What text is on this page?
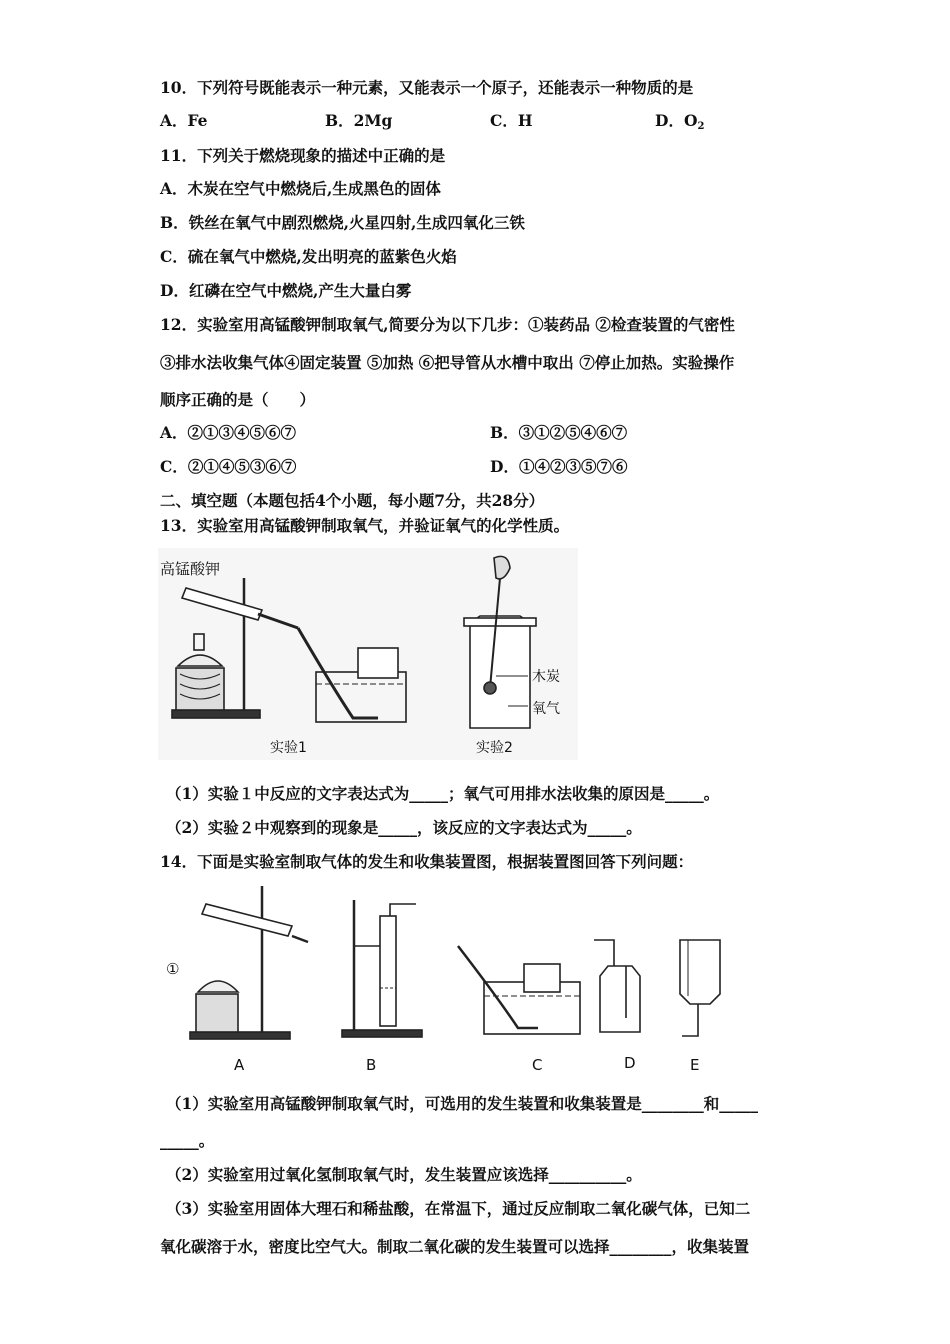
10．下列符号既能表示一种元素，又能表示一个原子，还能表示一种物质的是
A．Fe	B．2Mg	C．H	D．$O_2$
11．下列关于燃烧现象的描述中正确的是
A．木炭在空气中燃烧后,生成黑色的固体
B．铁丝在氧气中剧烈燃烧,火星四射,生成四氧化三铁
C．硫在氧气中燃烧,发出明亮的蓝紫色火焰
D．红磷在空气中燃烧,产生大量白雾
12．实验室用高锰酸钾制取氧气,简要分为以下几步：①装药品 ②检查装置的气密性
③排水法收集气体④固定装置 ⑤加热 ⑥把导管从水槽中取出 ⑦停止加热。实验操作
顺序正确的是（　　）
A．②①③④⑤⑥⑦	B．③①②⑤④⑥⑦
C．②①④⑤③⑥⑦	D．①④②③⑤⑦⑥
二、填空题（本题包括4个小题，每小题7分，共28分）
13．实验室用高锰酸钾制取氧气，并验证氧气的化学性质。
高锰酸钾
实验1
木炭
氧气
实验2
（1）实验１中反应的文字表达式为_____；氧气可用排水法收集的原因是_____。
（2）实验２中观察到的现象是_____，该反应的文字表达式为_____。
14．下面是实验室制取气体的发生和收集装置图，根据装置图回答下列问题：
①
A	B	C	D	E
（1）实验室用高锰酸钾制取氧气时，可选用的发生装置和收集装置是________和_____
_____。
（2）实验室用过氧化氢制取氧气时，发生装置应该选择__________。
（3）实验室用固体大理石和稀盐酸，在常温下，通过反应制取二氧化碳气体，已知二
氧化碳溶于水，密度比空气大。制取二氧化碳的发生装置可以选择________，收集装置
